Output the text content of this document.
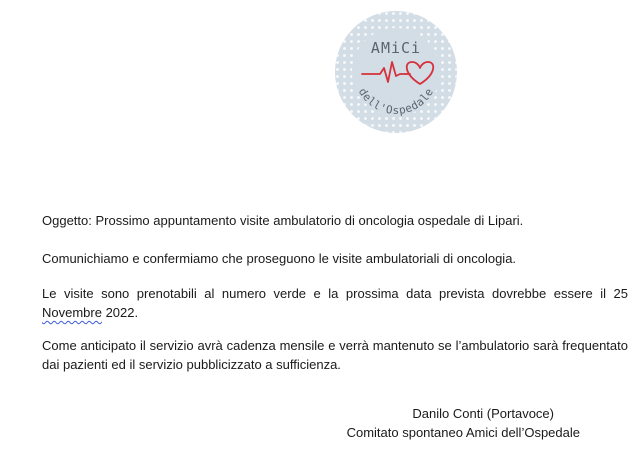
AMiCi
dell'Ospedale

Oggetto: Prossimo appuntamento visite ambulatorio di oncologia ospedale di Lipari.

Comunichiamo e confermiamo che proseguono le visite ambulatoriali di oncologia.

Le visite sono prenotabili al numero verde e la prossima data prevista dovrebbe essere il 25 Novembre 2022.

Come anticipato il servizio avrà cadenza mensile e verrà mantenuto se l’ambulatorio sarà frequentato dai pazienti ed il servizio pubblicizzato a sufficienza.

Danilo Conti (Portavoce)
Comitato spontaneo Amici dell’Ospedale
